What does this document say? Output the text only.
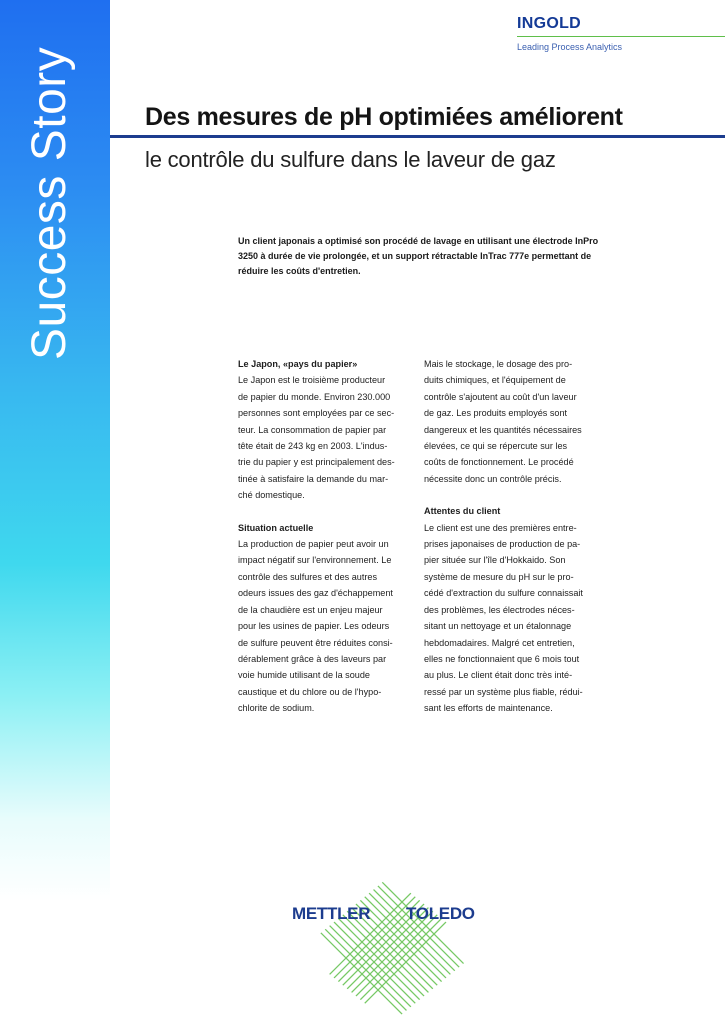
Success Story
INGOLD
Leading Process Analytics
Des mesures de pH optimiées améliorent
le contrôle du sulfure dans le laveur de gaz
Un client japonais a optimisé son procédé de lavage en utilisant une électrode InPro 3250 à durée de vie prolongée, et un support rétractable InTrac 777e permettant de réduire les coûts d'entretien.
Le Japon, «pays du papier»

Le Japon est le troisième producteur

de papier du monde. Environ 230.000

personnes sont employées par ce sec-

teur. La consommation de papier par

tête était de 243 kg en 2003. L'indus-

trie du papier y est principalement des-

tinée à satisfaire la demande du mar-

ché domestique.

Situation actuelle

La production de papier peut avoir un

impact négatif sur l'environnement. Le

contrôle des sulfures et des autres

odeurs issues des gaz d'échappement

de la chaudière est un enjeu majeur

pour les usines de papier. Les odeurs

de sulfure peuvent être réduites consi-

dérablement grâce à des laveurs par

voie humide utilisant de la soude

caustique et du chlore ou de l'hypo-

chlorite de sodium.

Mais le stockage, le dosage des pro-

duits chimiques, et l'équipement de

contrôle s'ajoutent au coût d'un laveur

de gaz. Les produits employés sont

dangereux et les quantités nécessaires

élevées, ce qui se répercute sur les

coûts de fonctionnement. Le procédé

nécessite donc un contrôle précis.

Attentes du client

Le client est une des premières entre-

prises japonaises de production de pa-

pier située sur l'île d'Hokkaido. Son

système de mesure du pH sur le pro-

cédé d'extraction du sulfure connaissait

des problèmes, les électrodes néces-

sitant un nettoyage et un étalonnage

hebdomadaires. Malgré cet entretien,

elles ne fonctionnaient que 6 mois tout

au plus. Le client était donc très inté-

ressé par un système plus fiable, rédui-

sant les efforts de maintenance.

METTLER TOLEDO
